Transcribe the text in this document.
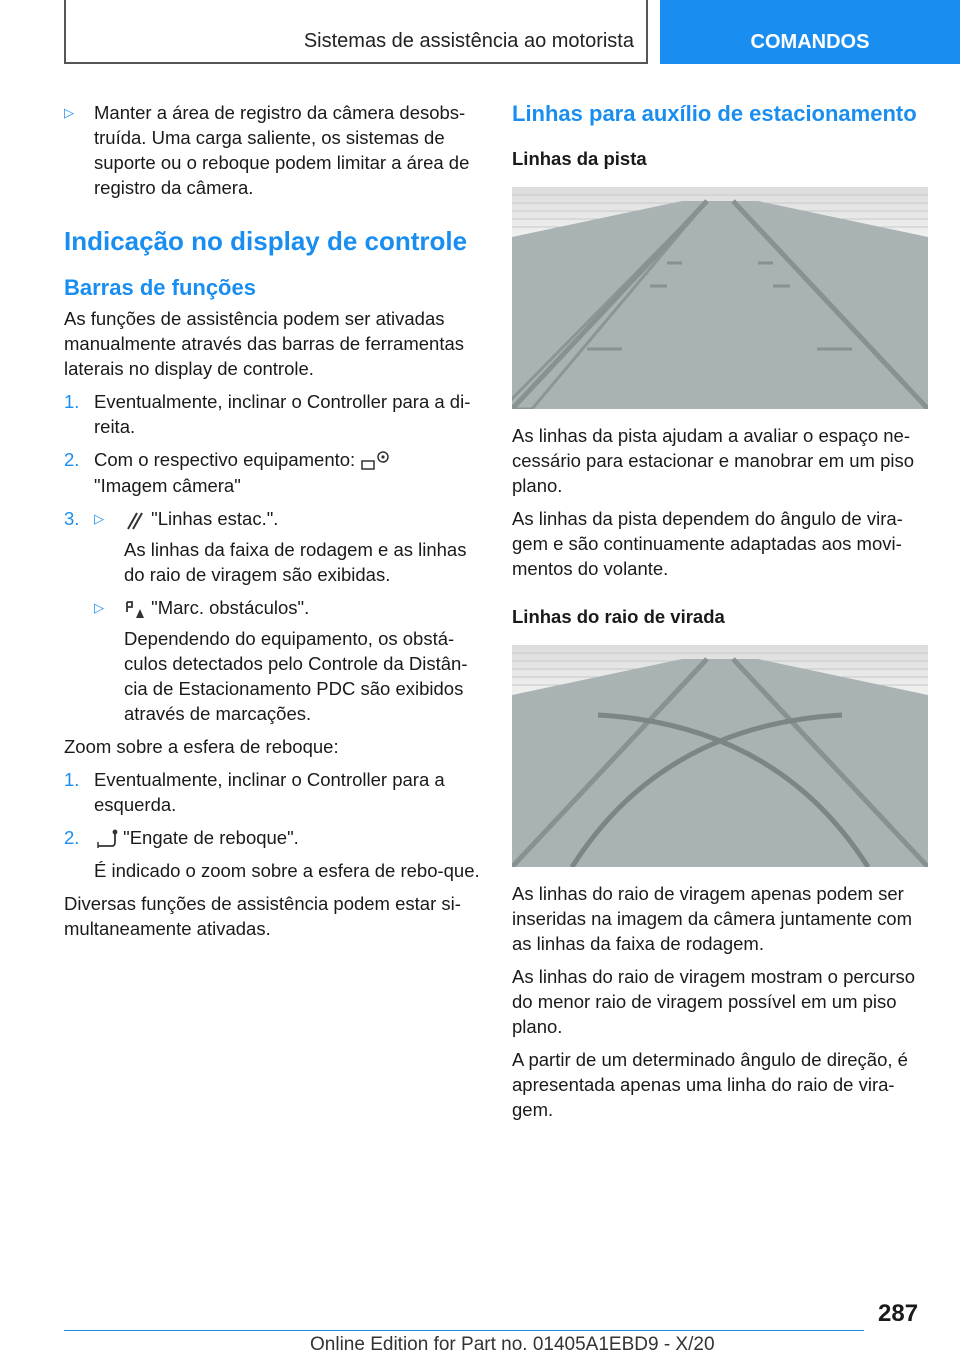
Sistemas de assistência ao motorista	COMANDOS
▷	Manter a área de registro da câmera desobs-truída. Uma carga saliente, os sistemas de suporte ou o reboque podem limitar a área de registro da câmera.

Indicação no display de controle
Barras de funções

As funções de assistência podem ser ativadas manualmente através das barras de ferramentas laterais no display de controle.

1. Eventualmente, inclinar o Controller para a di-reita.

2. Com o respectivo equipamento:

"Imagem câmera"

3.	▷	"Linhas estac.".

As linhas da faixa de rodagem e as linhas do raio de viragem são exibidas.

▷	"Marc. obstáculos".

Dependendo do equipamento, os obstá-culos detectados pelo Controle da Distân-cia de Estacionamento PDC são exibidos através de marcações.

Zoom sobre a esfera de reboque:

1. Eventualmente, inclinar o Controller para a esquerda.

2.	"Engate de reboque".

É indicado o zoom sobre a esfera de rebo-que.

Diversas funções de assistência podem estar si-multaneamente ativadas.

Linhas para auxílio de estacionamento
Linhas da pista

As linhas da pista ajudam a avaliar o espaço ne-cessário para estacionar e manobrar em um piso plano.

As linhas da pista dependem do ângulo de vira-gem e são continuamente adaptadas aos movi-mentos do volante.

Linhas do raio de virada

As linhas do raio de viragem apenas podem ser inseridas na imagem da câmera juntamente com as linhas da faixa de rodagem.

As linhas do raio de viragem mostram o percurso do menor raio de viragem possível em um piso plano.

A partir de um determinado ângulo de direção, é apresentada apenas uma linha do raio de vira-gem.

287
Online Edition for Part no. 01405A1EBD9 - X/20
